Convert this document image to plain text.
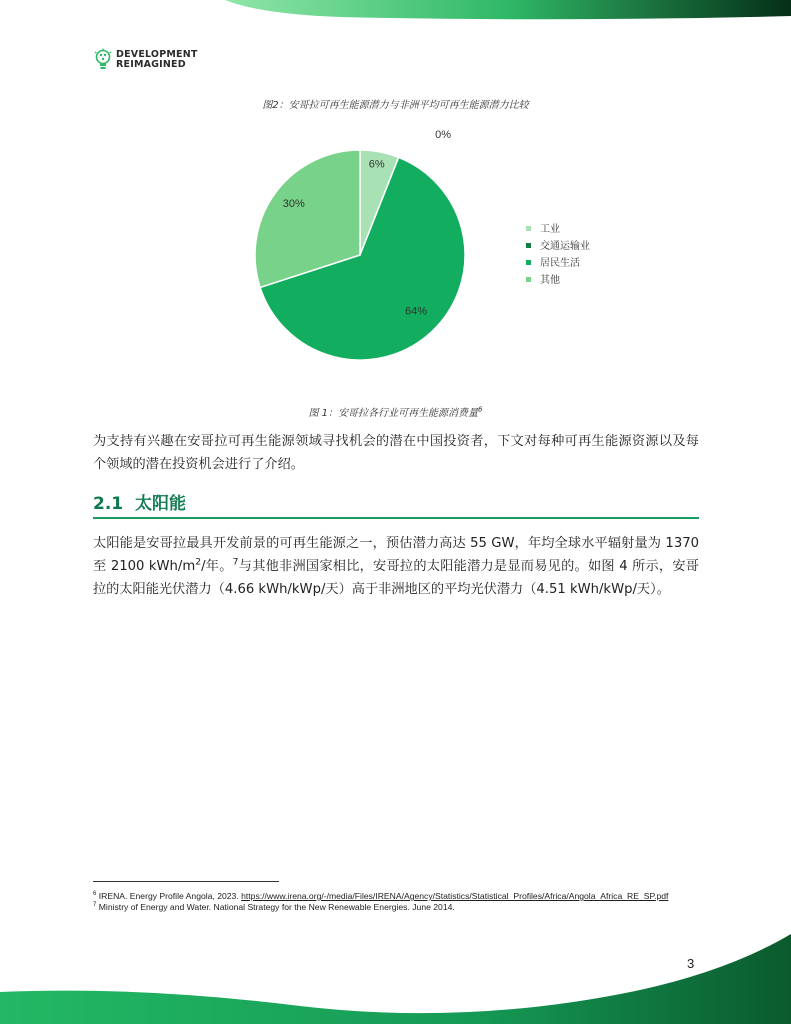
DEVELOPMENT
REIMAGINED
图2：安哥拉可再生能源潜力与非洲平均可再生能源潜力比较
6%
0%
64%
30%
工业
交通运输业
居民生活
其他
图 1：安哥拉各行业可再生能源消费量$^6$
为支持有兴趣在安哥拉可再生能源领域寻找机会的潜在中国投资者，下文对每种可再生能源资源以及每个领域的潜在投资机会进行了介绍。
2.1 太阳能
太阳能是安哥拉最具开发前景的可再生能源之一，预估潜力高达 55 GW，年均全球水平辐射量为 1370 至 2100 kWh/$m^2/$年。$^7$与其他非洲国家相比，安哥拉的太阳能潜力是显而易见的。如图 4 所示，安哥拉的太阳能光伏潜力（4.66 kWh/kWp/天）高于非洲地区的平均光伏潜力（4.51 kWh/kWp/天）。
$^6$ IRENA. Energy Profile Angola, 2023. https://www.irena.org/-/media/Files/IRENA/Agency/Statistics/Statistical_Profiles/Africa/Angola_Africa_RE_SP.pdf
$^7$ Ministry of Energy and Water. National Strategy for the New Renewable Energies. June 2014.
3
